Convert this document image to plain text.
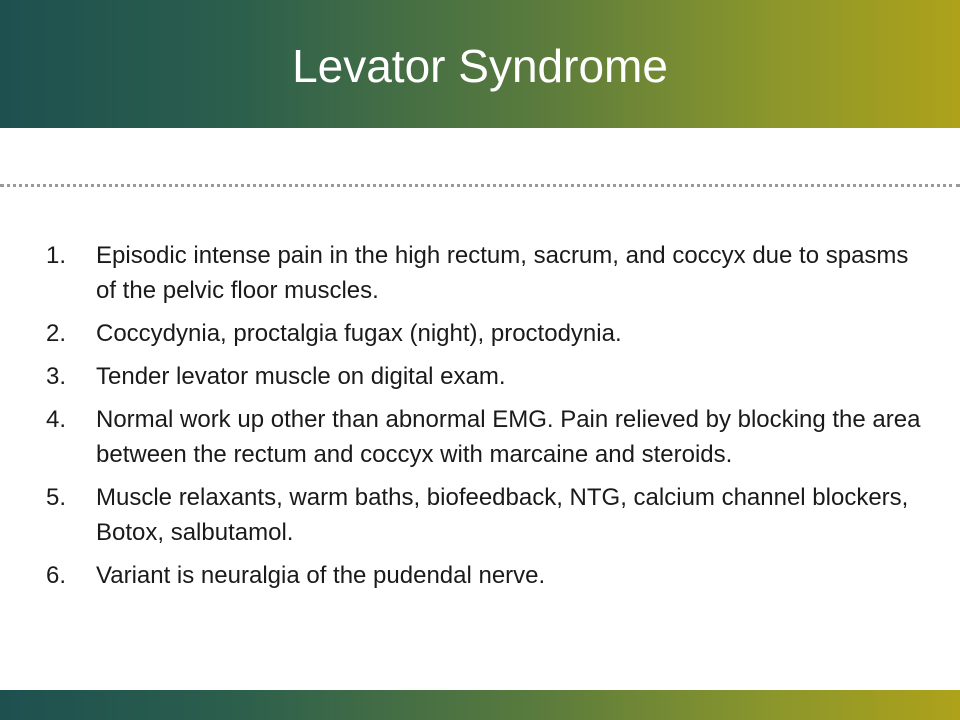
Levator Syndrome
1.	Episodic intense pain in the high rectum, sacrum, and coccyx due to spasms of the pelvic floor muscles.
2.	Coccydynia, proctalgia fugax (night), proctodynia.
3.	Tender levator muscle on digital exam.
4.	Normal work up other than abnormal EMG. Pain relieved by blocking the area between the rectum and coccyx with marcaine and steroids.
5.	Muscle relaxants, warm baths, biofeedback, NTG, calcium channel blockers, Botox, salbutamol.
6.	Variant is neuralgia of the pudendal nerve.
